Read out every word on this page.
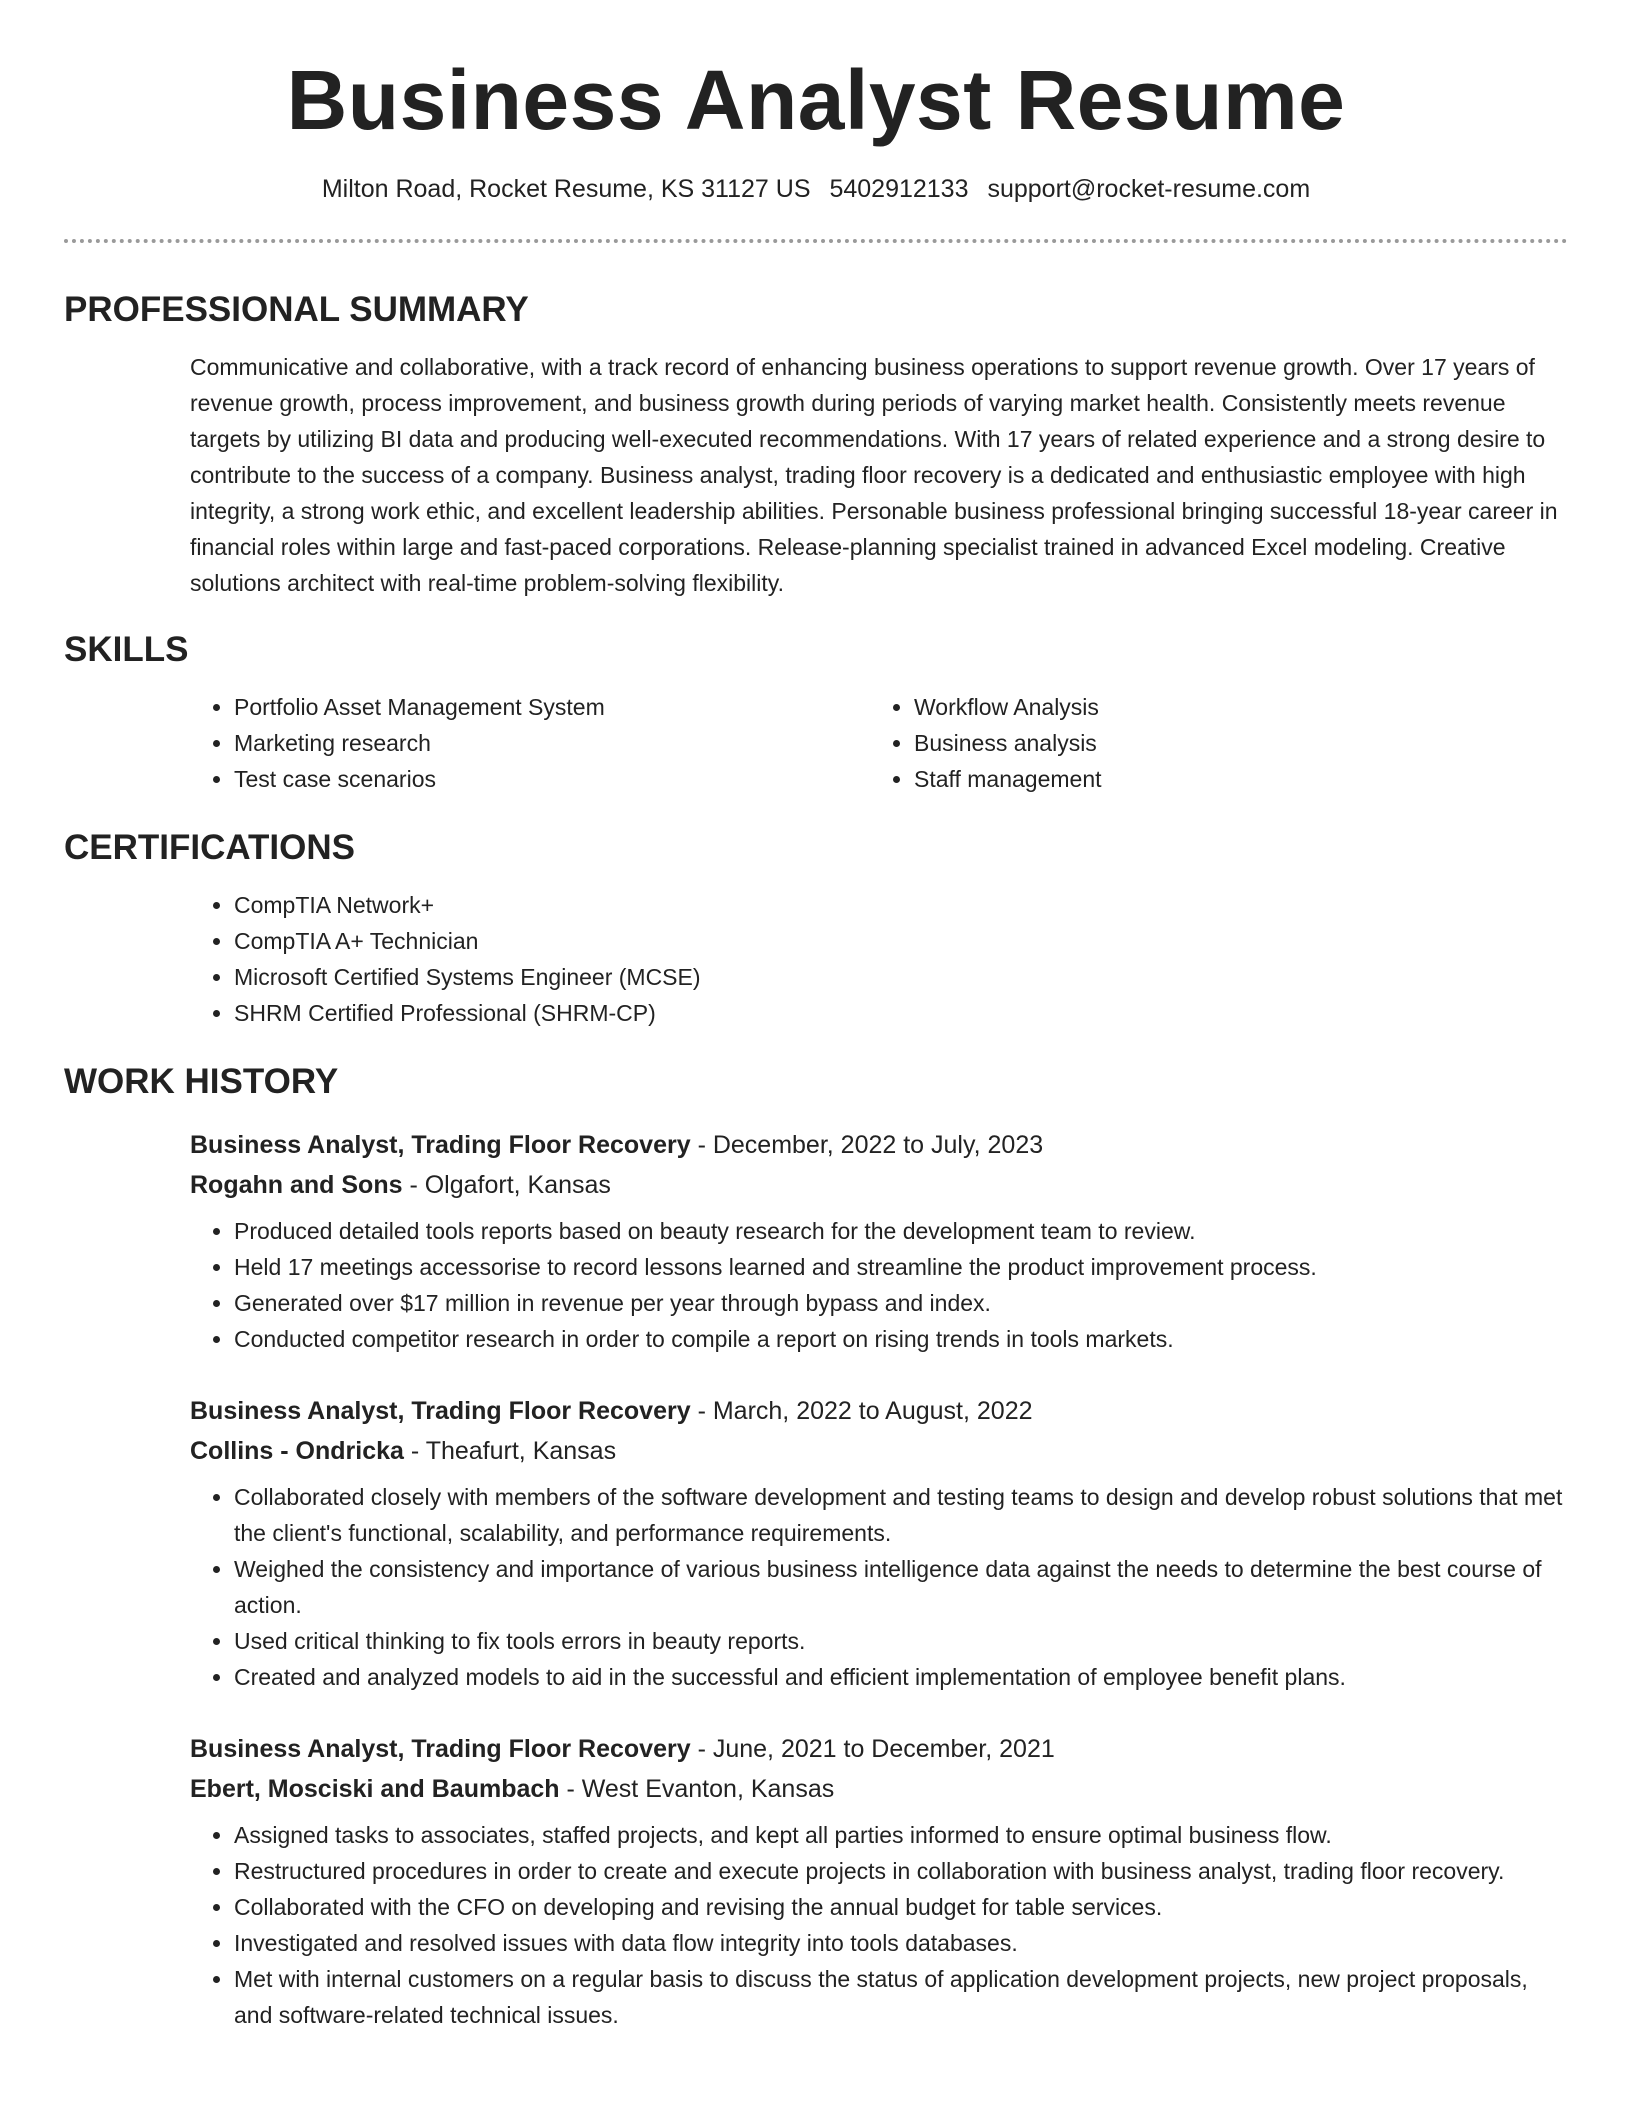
Business Analyst Resume
Milton Road, Rocket Resume, KS 31127 US 5402912133 support@rocket-resume.com
PROFESSIONAL SUMMARY
Communicative and collaborative, with a track record of enhancing business operations to support revenue growth. Over 17 years of revenue growth, process improvement, and business growth during periods of varying market health. Consistently meets revenue targets by utilizing BI data and producing well-executed recommendations. With 17 years of related experience and a strong desire to contribute to the success of a company. Business analyst, trading floor recovery is a dedicated and enthusiastic employee with high integrity, a strong work ethic, and excellent leadership abilities. Personable business professional bringing successful 18-year career in financial roles within large and fast-paced corporations. Release-planning specialist trained in advanced Excel modeling. Creative solutions architect with real-time problem-solving flexibility.
SKILLS
• Portfolio Asset Management System
• Marketing research
• Test case scenarios
• Workflow Analysis
• Business analysis
• Staff management
CERTIFICATIONS
• CompTIA Network+
• CompTIA A+ Technician
• Microsoft Certified Systems Engineer (MCSE)
• SHRM Certified Professional (SHRM-CP)
WORK HISTORY
Business Analyst, Trading Floor Recovery - December, 2022 to July, 2023
Rogahn and Sons - Olgafort, Kansas
• Produced detailed tools reports based on beauty research for the development team to review.
• Held 17 meetings accessorise to record lessons learned and streamline the product improvement process.
• Generated over $17 million in revenue per year through bypass and index.
• Conducted competitor research in order to compile a report on rising trends in tools markets.
Business Analyst, Trading Floor Recovery - March, 2022 to August, 2022
Collins - Ondricka - Theafurt, Kansas
• Collaborated closely with members of the software development and testing teams to design and develop robust solutions that met the client's functional, scalability, and performance requirements.
• Weighed the consistency and importance of various business intelligence data against the needs to determine the best course of action.
• Used critical thinking to fix tools errors in beauty reports.
• Created and analyzed models to aid in the successful and efficient implementation of employee benefit plans.
Business Analyst, Trading Floor Recovery - June, 2021 to December, 2021
Ebert, Mosciski and Baumbach - West Evanton, Kansas
• Assigned tasks to associates, staffed projects, and kept all parties informed to ensure optimal business flow.
• Restructured procedures in order to create and execute projects in collaboration with business analyst, trading floor recovery.
• Collaborated with the CFO on developing and revising the annual budget for table services.
• Investigated and resolved issues with data flow integrity into tools databases.
• Met with internal customers on a regular basis to discuss the status of application development projects, new project proposals, and software-related technical issues.
